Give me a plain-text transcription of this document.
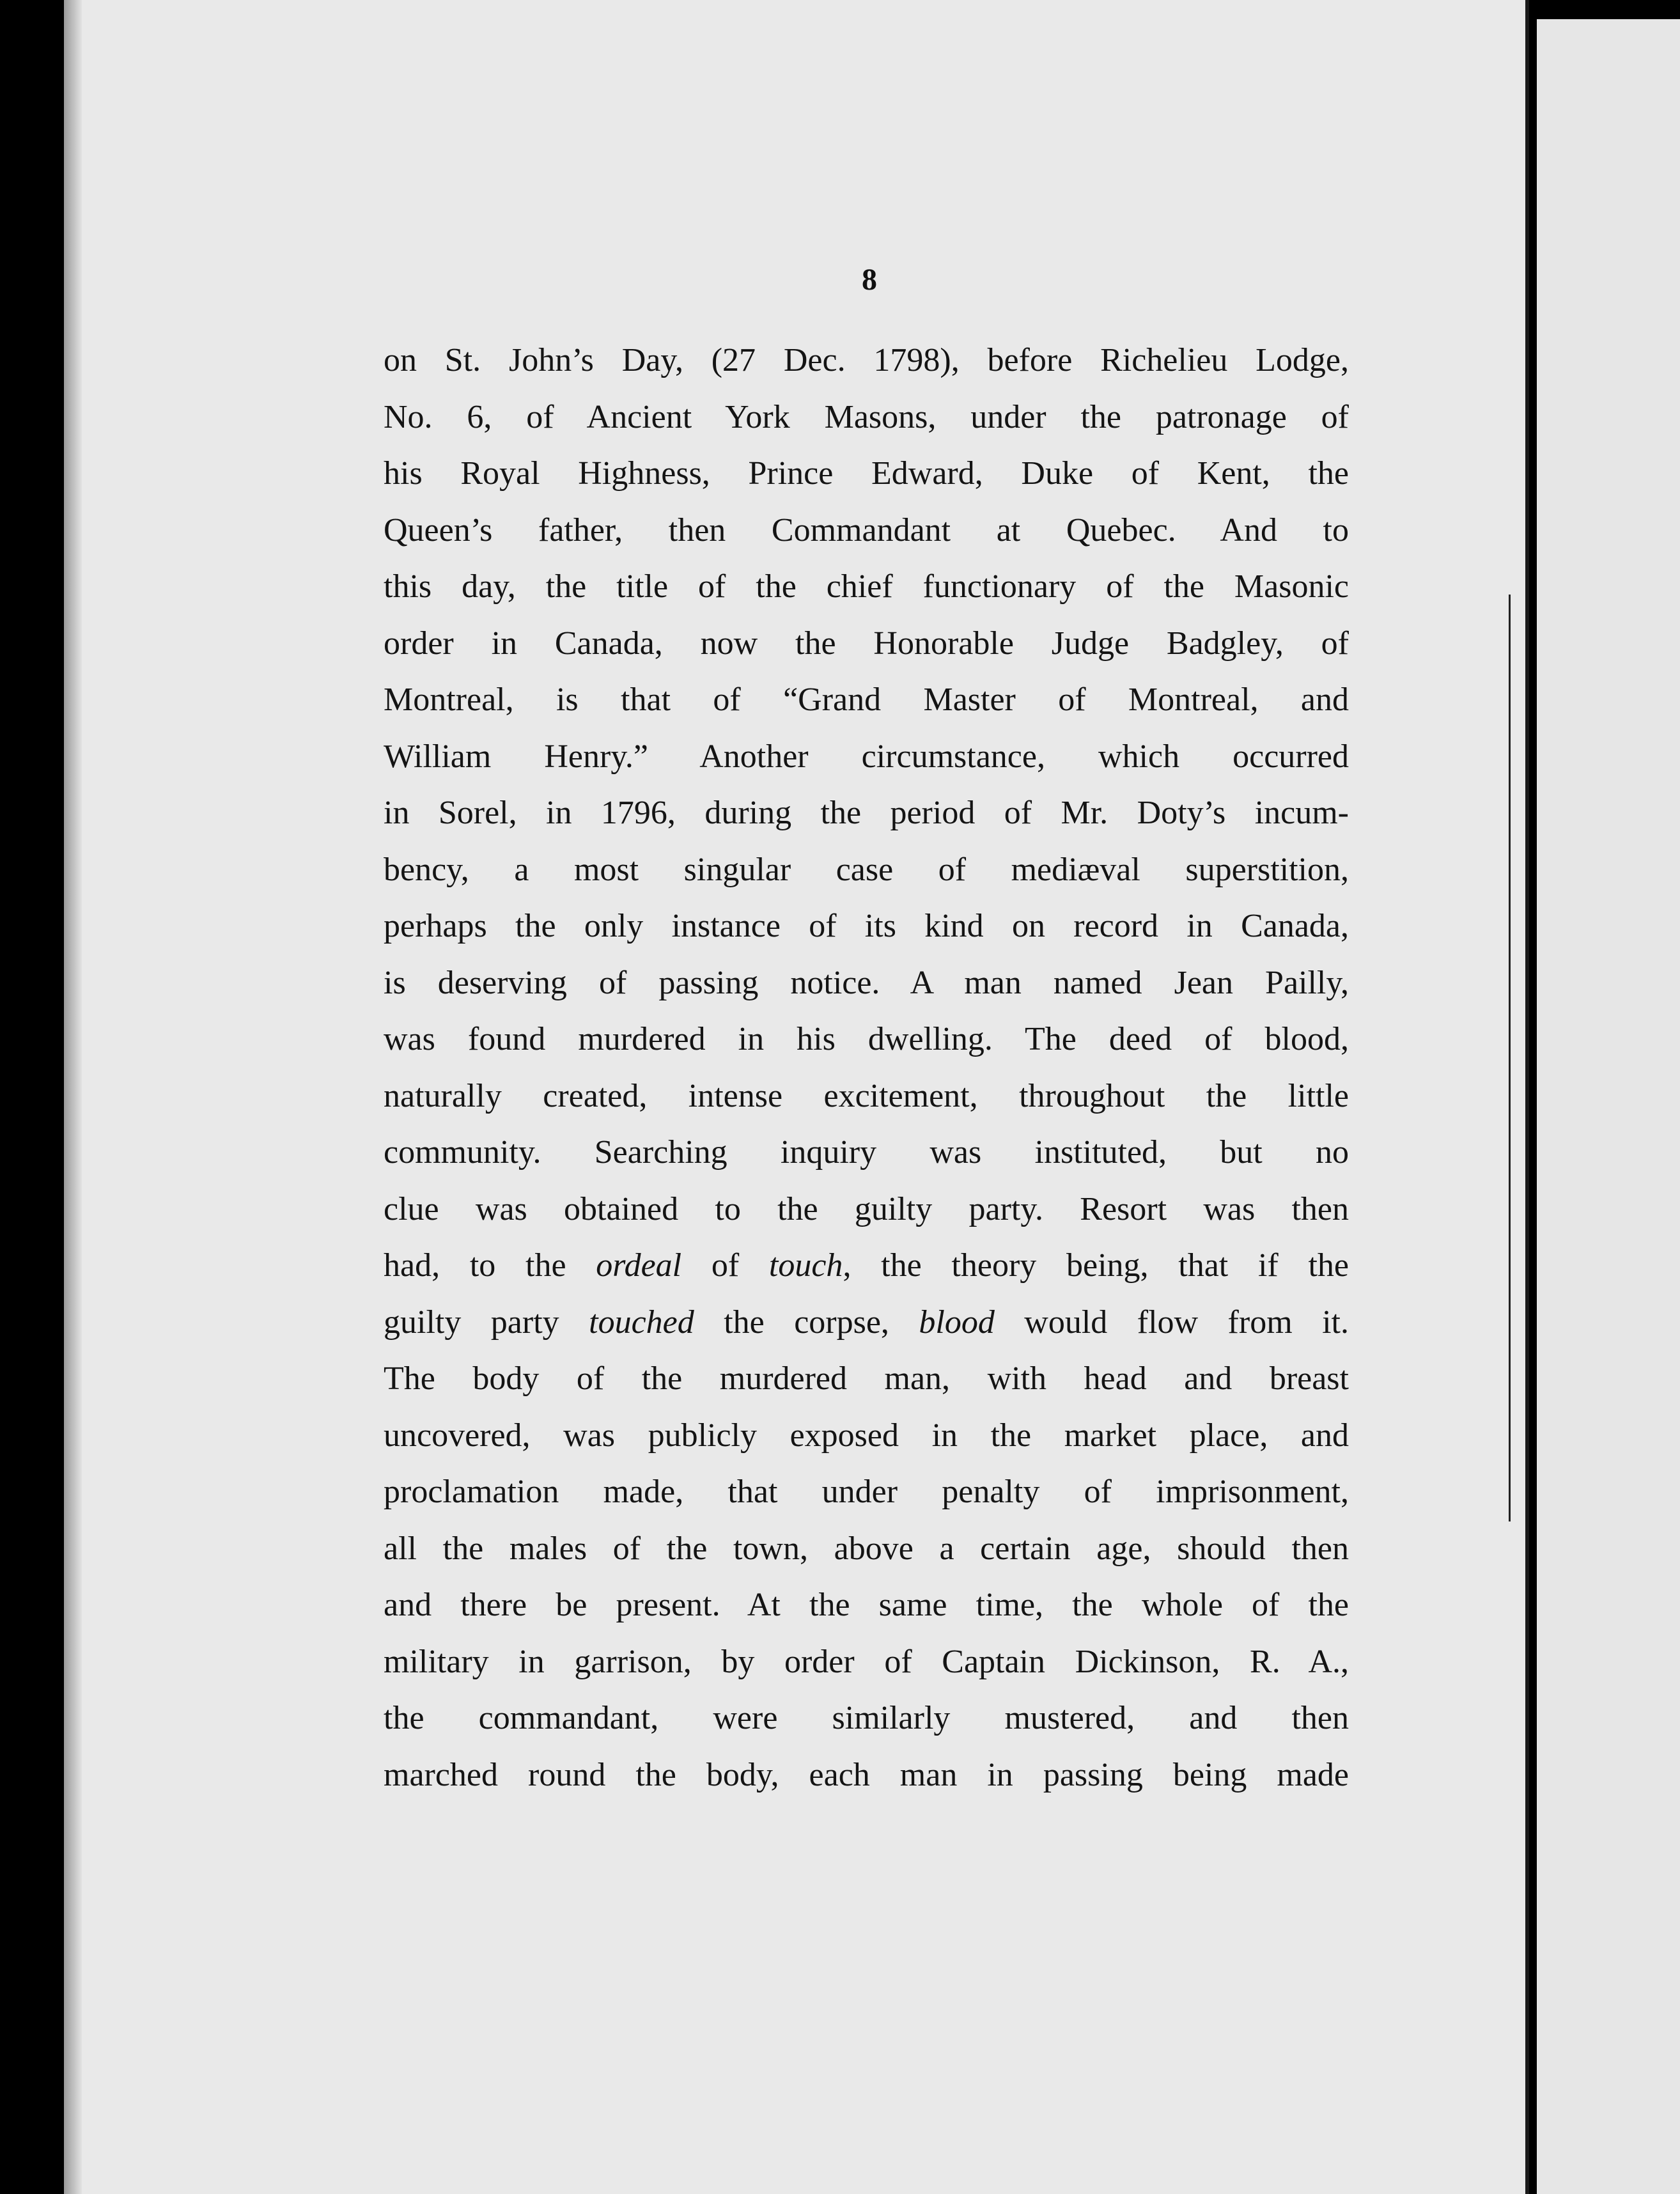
8
on St. John’s Day, (27 Dec. 1798), before Richelieu Lodge,
No. 6, of Ancient York Masons, under the patronage of
his Royal Highness, Prince Edward, Duke of Kent, the
Queen’s father, then Commandant at Quebec. And to
this day, the title of the chief functionary of the Masonic
order in Canada, now the Honorable Judge Badgley, of
Montreal, is that of “Grand Master of Montreal, and
William Henry.” Another circumstance, which occurred
in Sorel, in 1796, during the period of Mr. Doty’s incum-
bency, a most singular case of mediæval superstition,
perhaps the only instance of its kind on record in Canada,
is deserving of passing notice. A man named Jean Pailly,
was found murdered in his dwelling. The deed of blood,
naturally created, intense excitement, throughout the little
community. Searching inquiry was instituted, but no
clue was obtained to the guilty party. Resort was then
had, to the ordeal of touch, the theory being, that if the
guilty party touched the corpse, blood would flow from it.
The body of the murdered man, with head and breast
uncovered, was publicly exposed in the market place, and
proclamation made, that under penalty of imprisonment,
all the males of the town, above a certain age, should then
and there be present. At the same time, the whole of the
military in garrison, by order of Captain Dickinson, R. A.,
the commandant, were similarly mustered, and then
marched round the body, each man in passing being made
